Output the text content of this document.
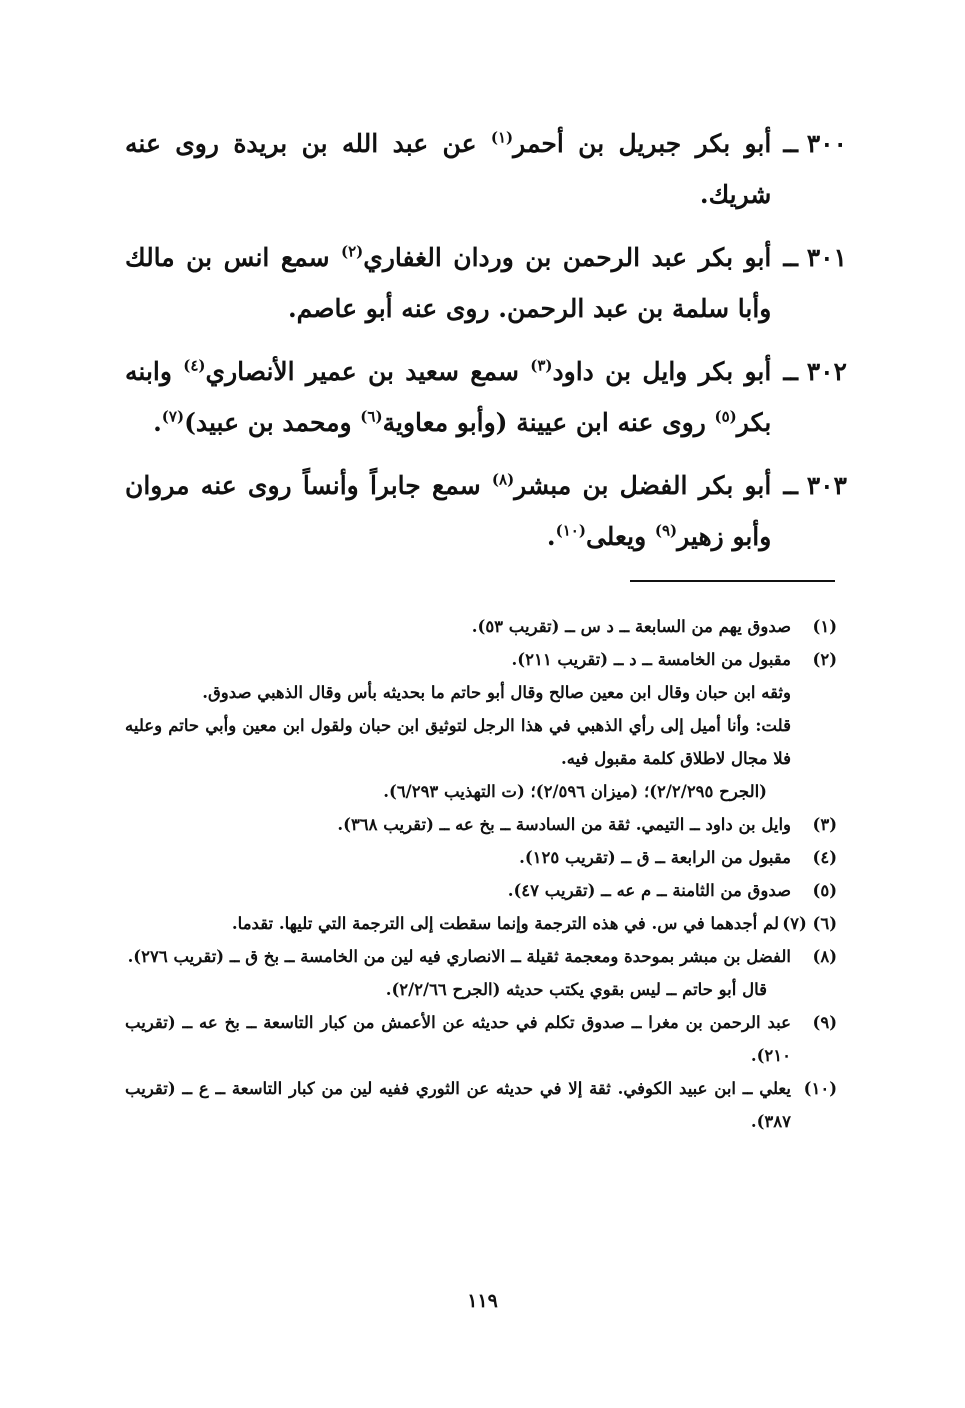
٣٠٠ ــ
أبو بكر جبريل بن أحمر$^{(١)}$ عن عبد الله بن بريدة روى عنه شريك.
٣٠١ ــ
أبو بكر عبد الرحمن بن وردان الغفاري$^{(٢)}$ سمع انس بن مالك وأبا سلمة بن عبد الرحمن. روى عنه أبو عاصم.
٣٠٢ ــ
أبو بكر وايل بن داود$^{(٣)}$ سمع سعيد بن عمير الأنصاري$^{(٤)}$ وابنه بكر$^{(٥)}$ روى عنه ابن عيينة (وأبو معاوية$^{(٦)}$ ومحمد بن عبيد)$^{(٧)}$.
٣٠٣ ــ
أبو بكر الفضل بن مبشر$^{(٨)}$ سمع جابراً وأنساً روى عنه مروان وأبو زهير$^{(٩)}$ ويعلى$^{(١٠)}$.
(١)
صدوق يهم من السابعة ــ د س ــ (تقريب ٥٣).
(٢)
مقبول من الخامسة ــ د ــ (تقريب ٢١١).
وثقه ابن حبان وقال ابن معين صالح وقال أبو حاتم ما بحديثه بأس وقال الذهبي صدوق.
قلت: وأنا أميل إلى رأي الذهبي في هذا الرجل لتوثيق ابن حبان ولقول ابن معين وأبي حاتم وعليه فلا مجال لاطلاق كلمة مقبول فيه.
(الجرح ٢/٢/٢٩٥)؛ (ميزان ٢/٥٩٦)؛ (ت التهذيب ٦/٢٩٣).
(٣)
وايل بن داود ــ التيمي. ثقة من السادسة ــ بخ عه ــ (تقريب ٣٦٨).
(٤)
مقبول من الرابعة ــ ق ــ (تقريب ١٢٥).
(٥)
صدوق من الثامنة ــ م عه ــ (تقريب ٤٧).
(٦) (٧)
لم أجدهما في س. في هذه الترجمة وإنما سقطت إلى الترجمة التي تليها. تقدما.
(٨)
الفضل بن مبشر بموحدة ومعجمة ثقيلة ــ الانصاري فيه لين من الخامسة ــ بخ ق ــ (تقريب ٢٧٦).
قال أبو حاتم ــ ليس بقوي يكتب حديثه (الجرح ٢/٢/٦٦).
(٩)
عبد الرحمن بن مغرا ــ صدوق تكلم في حديثه عن الأعمش من كبار التاسعة ــ بخ عه ــ (تقريب ٢١٠).
(١٠)
يعلي ــ ابن عبيد الكوفي. ثقة إلا في حديثه عن الثوري ففيه لين من كبار التاسعة ــ ع ــ (تقريب ٣٨٧).
١١٩
